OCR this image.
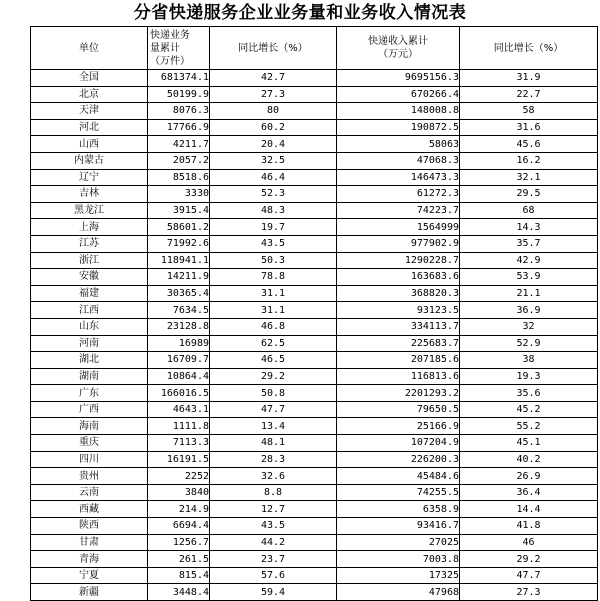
分省快递服务企业业务量和业务收入情况表
单位	快递业务
量累计
（万件）	同比增长（%）	快递收入累计
（万元）	同比增长（%）
全国	681374.1	42.7	9695156.3	31.9
北京	50199.9	27.3	670266.4	22.7
天津	8076.3	80	148008.8	58
河北	17766.9	60.2	190872.5	31.6
山西	4211.7	20.4	58063	45.6
内蒙古	2057.2	32.5	47068.3	16.2
辽宁	8518.6	46.4	146473.3	32.1
吉林	3330	52.3	61272.3	29.5
黑龙江	3915.4	48.3	74223.7	68
上海	58601.2	19.7	1564999	14.3
江苏	71992.6	43.5	977902.9	35.7
浙江	118941.1	50.3	1290228.7	42.9
安徽	14211.9	78.8	163683.6	53.9
福建	30365.4	31.1	368820.3	21.1
江西	7634.5	31.1	93123.5	36.9
山东	23128.8	46.8	334113.7	32
河南	16989	62.5	225683.7	52.9
湖北	16709.7	46.5	207185.6	38
湖南	10864.4	29.2	116813.6	19.3
广东	166016.5	50.8	2201293.2	35.6
广西	4643.1	47.7	79650.5	45.2
海南	1111.8	13.4	25166.9	55.2
重庆	7113.3	48.1	107204.9	45.1
四川	16191.5	28.3	226200.3	40.2
贵州	2252	32.6	45484.6	26.9
云南	3840	8.8	74255.5	36.4
西藏	214.9	12.7	6358.9	14.4
陕西	6694.4	43.5	93416.7	41.8
甘肃	1256.7	44.2	27025	46
青海	261.5	23.7	7003.8	29.2
宁夏	815.4	57.6	17325	47.7
新疆	3448.4	59.4	47968	27.3
